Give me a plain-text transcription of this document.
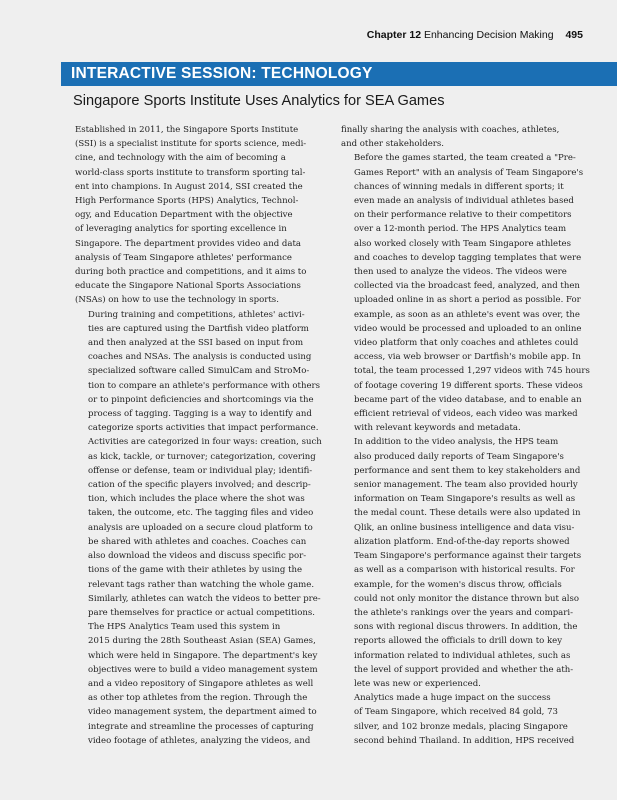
Chapter 12 Enhancing Decision Making 495
INTERACTIVE SESSION: TECHNOLOGY
Singapore Sports Institute Uses Analytics for SEA Games

Established in 2011, the Singapore Sports Institute
(SSI) is a specialist institute for sports science, medi-
cine, and technology with the aim of becoming a
world-class sports institute to transform sporting tal-
ent into champions. In August 2014, SSI created the
High Performance Sports (HPS) Analytics, Technol-
ogy, and Education Department with the objective
of leveraging analytics for sporting excellence in
Singapore. The department provides video and data
analysis of Team Singapore athletes' performance
during both practice and competitions, and it aims to
educate the Singapore National Sports Associations
(NSAs) on how to use the technology in sports.

During training and competitions, athletes' activi-
ties are captured using the Dartfish video platform
and then analyzed at the SSI based on input from
coaches and NSAs. The analysis is conducted using
specialized software called SimulCam and StroMo-
tion to compare an athlete's performance with others
or to pinpoint deficiencies and shortcomings via the
process of tagging. Tagging is a way to identify and
categorize sports activities that impact performance.
Activities are categorized in four ways: creation, such
as kick, tackle, or turnover; categorization, covering
offense or defense, team or individual play; identifi-
cation of the specific players involved; and descrip-
tion, which includes the place where the shot was
taken, the outcome, etc. The tagging files and video
analysis are uploaded on a secure cloud platform to
be shared with athletes and coaches. Coaches can
also download the videos and discuss specific por-
tions of the game with their athletes by using the
relevant tags rather than watching the whole game.
Similarly, athletes can watch the videos to better pre-
pare themselves for practice or actual competitions.

The HPS Analytics Team used this system in
2015 during the 28th Southeast Asian (SEA) Games,
which were held in Singapore. The department's key
objectives were to build a video management system
and a video repository of Singapore athletes as well
as other top athletes from the region. Through the
video management system, the department aimed to
integrate and streamline the processes of capturing
video footage of athletes, analyzing the videos, and

finally sharing the analysis with coaches, athletes,
and other stakeholders.

Before the games started, the team created a "Pre-
Games Report" with an analysis of Team Singapore's
chances of winning medals in different sports; it
even made an analysis of individual athletes based
on their performance relative to their competitors
over a 12-month period. The HPS Analytics team
also worked closely with Team Singapore athletes
and coaches to develop tagging templates that were
then used to analyze the videos. The videos were
collected via the broadcast feed, analyzed, and then
uploaded online in as short a period as possible. For
example, as soon as an athlete's event was over, the
video would be processed and uploaded to an online
video platform that only coaches and athletes could
access, via web browser or Dartfish's mobile app. In
total, the team processed 1,297 videos with 745 hours
of footage covering 19 different sports. These videos
became part of the video database, and to enable an
efficient retrieval of videos, each video was marked
with relevant keywords and metadata.

In addition to the video analysis, the HPS team
also produced daily reports of Team Singapore's
performance and sent them to key stakeholders and
senior management. The team also provided hourly
information on Team Singapore's results as well as
the medal count. These details were also updated in
Qlik, an online business intelligence and data visu-
alization platform. End-of-the-day reports showed
Team Singapore's performance against their targets
as well as a comparison with historical results. For
example, for the women's discus throw, officials
could not only monitor the distance thrown but also
the athlete's rankings over the years and compari-
sons with regional discus throwers. In addition, the
reports allowed the officials to drill down to key
information related to individual athletes, such as
the level of support provided and whether the ath-
lete was new or experienced.

Analytics made a huge impact on the success
of Team Singapore, which received 84 gold, 73
silver, and 102 bronze medals, placing Singapore
second behind Thailand. In addition, HPS received
